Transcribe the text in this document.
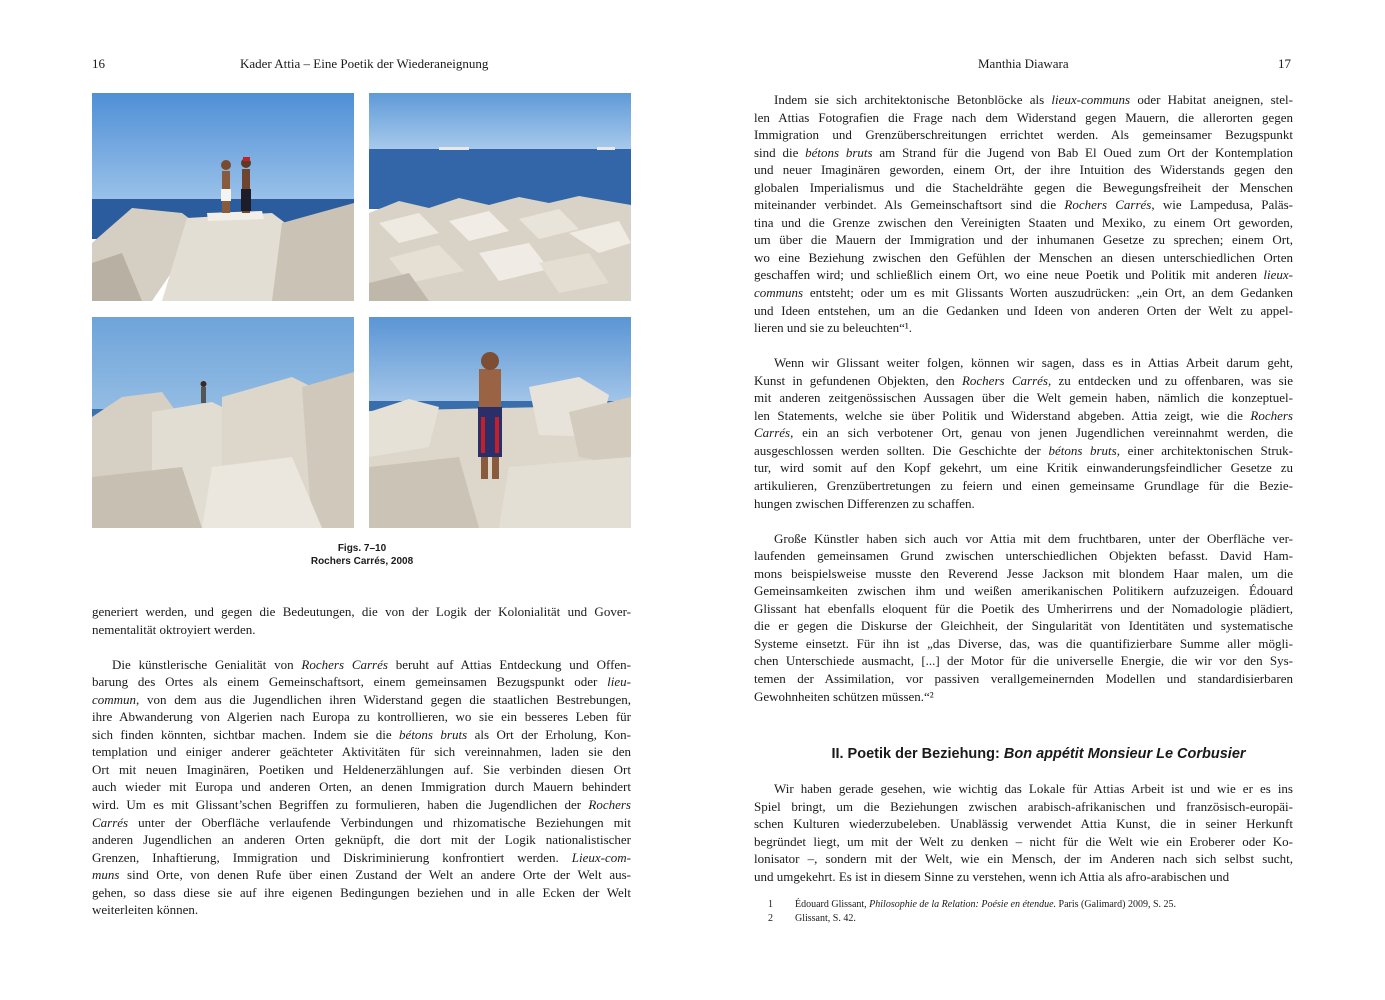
16	Kader Attia – Eine Poetik der Wiederaneignung
Figs. 7–10
Rochers Carrés, 2008

generiert werden, und gegen die Bedeutungen, die von der Logik der Kolonialität und Gover-
nementalität oktroyiert werden.

Die künstlerische Genialität von Rochers Carrés beruht auf Attias Entdeckung und Offen-
barung des Ortes als einem Gemeinschaftsort, einem gemeinsamen Bezugspunkt oder lieu-
commun, von dem aus die Jugendlichen ihren Widerstand gegen die staatlichen Bestrebungen,
ihre Abwanderung von Algerien nach Europa zu kontrollieren, wo sie ein besseres Leben für
sich finden könnten, sichtbar machen. Indem sie die bétons bruts als Ort der Erholung, Kon-
templation und einiger anderer geächteter Aktivitäten für sich vereinnahmen, laden sie den
Ort mit neuen Imaginären, Poetiken und Heldenerzählungen auf. Sie verbinden diesen Ort
auch wieder mit Europa und anderen Orten, an denen Immigration durch Mauern behindert
wird. Um es mit Glissant’schen Begriffen zu formulieren, haben die Jugendlichen der Rochers
Carrés unter der Oberfläche verlaufende Verbindungen und rhizomatische Beziehungen mit
anderen Jugendlichen an anderen Orten geknüpft, die dort mit der Logik nationalistischer
Grenzen, Inhaftierung, Immigration und Diskriminierung konfrontiert werden. Lieux-com-
muns sind Orte, von denen Rufe über einen Zustand der Welt an andere Orte der Welt aus-
gehen, so dass diese sie auf ihre eigenen Bedingungen beziehen und in alle Ecken der Welt
weiterleiten können.

Manthia Diawara	17

Indem sie sich architektonische Betonblöcke als lieux-communs oder Habitat aneignen, stel-
len Attias Fotografien die Frage nach dem Widerstand gegen Mauern, die allerorten gegen
Immigration und Grenzüberschreitungen errichtet werden. Als gemeinsamer Bezugspunkt
sind die bétons bruts am Strand für die Jugend von Bab El Oued zum Ort der Kontemplation
und neuer Imaginären geworden, einem Ort, der ihre Intuition des Widerstands gegen den
globalen Imperialismus und die Stacheldrähte gegen die Bewegungsfreiheit der Menschen
miteinander verbindet. Als Gemeinschaftsort sind die Rochers Carrés, wie Lampedusa, Paläs-
tina und die Grenze zwischen den Vereinigten Staaten und Mexiko, zu einem Ort geworden,
um über die Mauern der Immigration und der inhumanen Gesetze zu sprechen; einem Ort,
wo eine Beziehung zwischen den Gefühlen der Menschen an diesen unterschiedlichen Orten
geschaffen wird; und schließlich einem Ort, wo eine neue Poetik und Politik mit anderen lieux-
communs entsteht; oder um es mit Glissants Worten auszudrücken: „ein Ort, an dem Gedanken
und Ideen entstehen, um an die Gedanken und Ideen von anderen Orten der Welt zu appel-
lieren und sie zu beleuchten“¹.

Wenn wir Glissant weiter folgen, können wir sagen, dass es in Attias Arbeit darum geht,
Kunst in gefundenen Objekten, den Rochers Carrés, zu entdecken und zu offenbaren, was sie
mit anderen zeitgenössischen Aussagen über die Welt gemein haben, nämlich die konzeptuel-
len Statements, welche sie über Politik und Widerstand abgeben. Attia zeigt, wie die Rochers
Carrés, ein an sich verbotener Ort, genau von jenen Jugendlichen vereinnahmt werden, die
ausgeschlossen werden sollten. Die Geschichte der bétons bruts, einer architektonischen Struk-
tur, wird somit auf den Kopf gekehrt, um eine Kritik einwanderungsfeindlicher Gesetze zu
artikulieren, Grenzübertretungen zu feiern und einen gemeinsame Grundlage für die Bezie-
hungen zwischen Differenzen zu schaffen.

Große Künstler haben sich auch vor Attia mit dem fruchtbaren, unter der Oberfläche ver-
laufenden gemeinsamen Grund zwischen unterschiedlichen Objekten befasst. David Ham-
mons beispielsweise musste den Reverend Jesse Jackson mit blondem Haar malen, um die
Gemeinsamkeiten zwischen ihm und weißen amerikanischen Politikern aufzuzeigen. Édouard
Glissant hat ebenfalls eloquent für die Poetik des Umherirrens und der Nomadologie plädiert,
die er gegen die Diskurse der Gleichheit, der Singularität von Identitäten und systematische
Systeme einsetzt. Für ihn ist „das Diverse, das, was die quantifizierbare Summe aller mögli-
chen Unterschiede ausmacht, [...] der Motor für die universelle Energie, die wir vor den Sys-
temen der Assimilation, vor passiven verallgemeinernden Modellen und standardisierbaren
Gewohnheiten schützen müssen.“²

II. Poetik der Beziehung: Bon appétit Monsieur Le Corbusier

Wir haben gerade gesehen, wie wichtig das Lokale für Attias Arbeit ist und wie er es ins
Spiel bringt, um die Beziehungen zwischen arabisch-afrikanischen und französisch-europäi-
schen Kulturen wiederzubeleben. Unablässig verwendet Attia Kunst, die in seiner Herkunft
begründet liegt, um mit der Welt zu denken – nicht für die Welt wie ein Eroberer oder Ko-
lonisator –, sondern mit der Welt, wie ein Mensch, der im Anderen nach sich selbst sucht,
und umgekehrt. Es ist in diesem Sinne zu verstehen, wenn ich Attia als afro-arabischen und

1	Édouard Glissant, Philosophie de la Relation: Poésie en étendue. Paris (Galimard) 2009, S. 25.
2	Glissant, S. 42.
